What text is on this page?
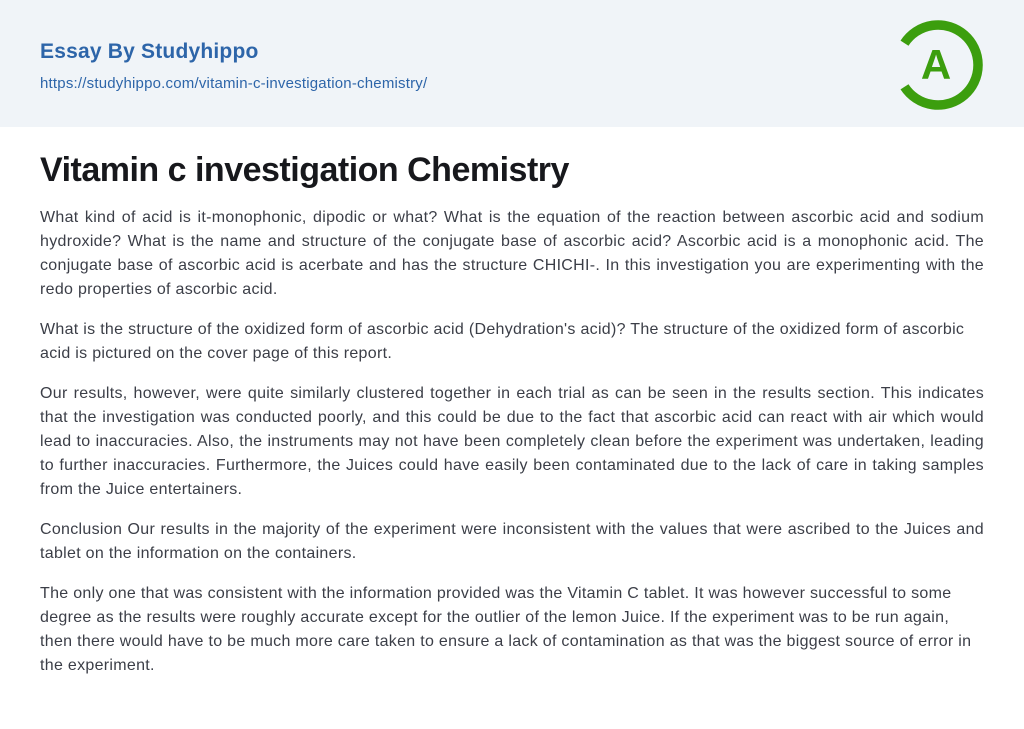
Essay By Studyhippo
https://studyhippo.com/vitamin-c-investigation-chemistry/	A
Vitamin c investigation Chemistry

What kind of acid is it-monophonic, dipodic or what? What is the equation of the reaction between ascorbic acid and sodium hydroxide? What is the name and structure of the conjugate base of ascorbic acid? Ascorbic acid is a monophonic acid. The conjugate base of ascorbic acid is acerbate and has the structure CHICHI-. In this investigation you are experimenting with the redo properties of ascorbic acid.

What is the structure of the oxidized form of ascorbic acid (Dehydration's acid)? The structure of the oxidized form of ascorbic acid is pictured on the cover page of this report.

Our results, however, were quite similarly clustered together in each trial as can be seen in the results section. This indicates that the investigation was conducted poorly, and this could be due to the fact that ascorbic acid can react with air which would lead to inaccuracies. Also, the instruments may not have been completely clean before the experiment was undertaken, leading to further inaccuracies. Furthermore, the Juices could have easily been contaminated due to the lack of care in taking samples from the Juice entertainers.

Conclusion Our results in the majority of the experiment were inconsistent with the values that were ascribed to the Juices and tablet on the information on the containers.

The only one that was consistent with the information provided was the Vitamin C tablet. It was however successful to some degree as the results were roughly accurate except for the outlier of the lemon Juice. If the experiment was to be run again, then there would have to be much more care taken to ensure a lack of contamination as that was the biggest source of error in the experiment.
